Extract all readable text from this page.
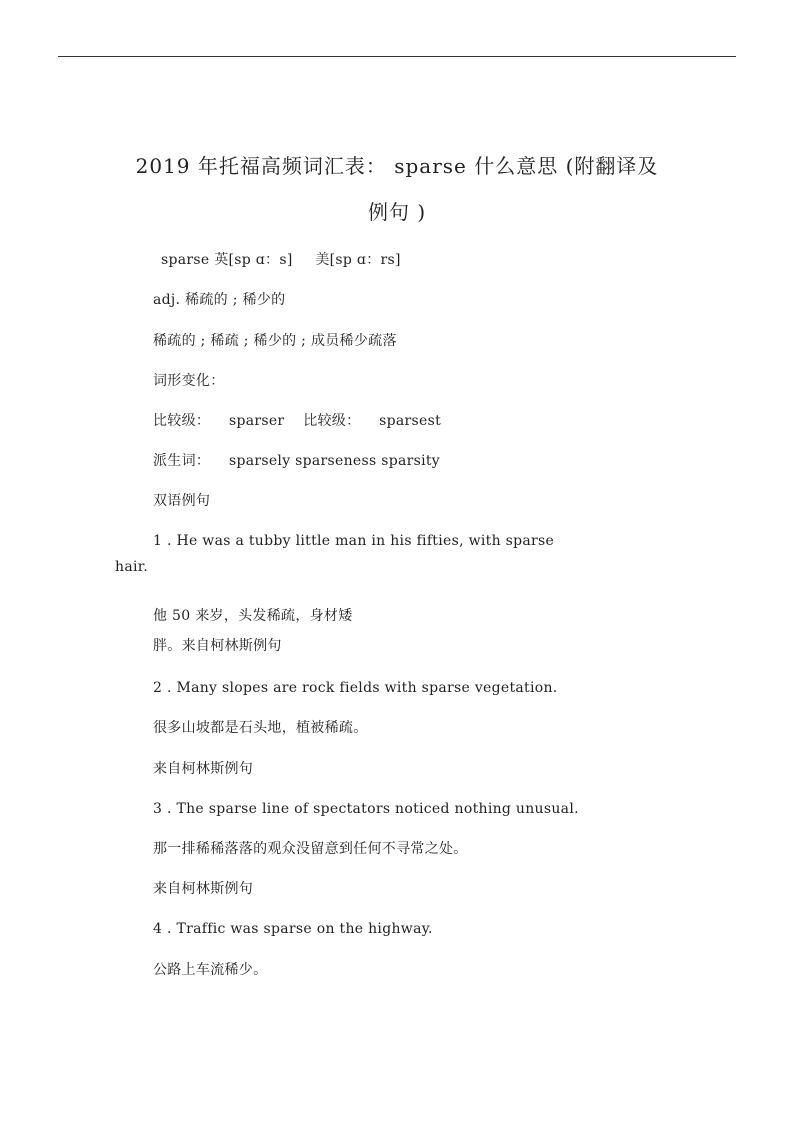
2019 年托福高频词汇表： sparse 什么意思 (附翻译及
例句 )
sparse 英[sp ɑ：s] 美[sp ɑ：rs]
adj. 稀疏的 ; 稀少的
稀疏的 ; 稀疏 ; 稀少的 ; 成员稀少疏落
词形变化：
比较级： sparser 比较级： sparsest
派生词： sparsely sparseness sparsity
双语例句
1 . He was a tubby little man in his fifties, with sparse
hair.
他 50 来岁，头发稀疏，身材矮
胖。来自柯林斯例句
2 . Many slopes are rock fields with sparse vegetation.
很多山坡都是石头地，植被稀疏。
来自柯林斯例句
3 . The sparse line of spectators noticed nothing unusual.
那一排稀稀落落的观众没留意到任何不寻常之处。
来自柯林斯例句
4 . Traffic was sparse on the highway.
公路上车流稀少。
